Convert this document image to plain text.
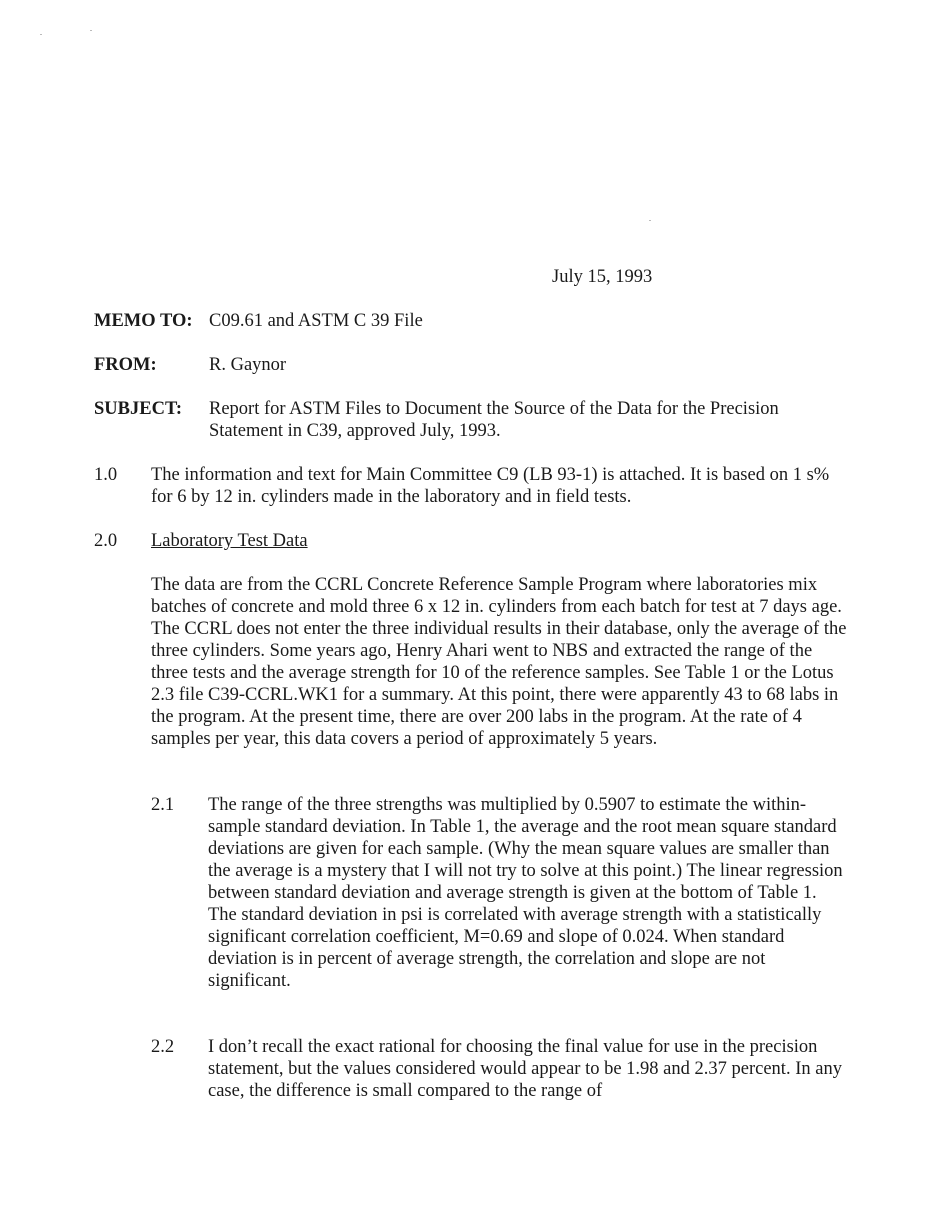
July 15, 1993
MEMO TO: C09.61 and ASTM C 39 File
FROM:	R. Gaynor
SUBJECT: Report for ASTM Files to Document the Source of the Data for the Precision Statement in C39, approved July, 1993.
1.0 The information and text for Main Committee C9 (LB 93-1) is attached. It is based on 1 s% for 6 by 12 in. cylinders made in the laboratory and in field tests.

2.0 Laboratory Test Data

The data are from the CCRL Concrete Reference Sample Program where laboratories mix batches of concrete and mold three 6 x 12 in. cylinders from each batch for test at 7 days age. The CCRL does not enter the three individual results in their database, only the average of the three cylinders. Some years ago, Henry Ahari went to NBS and extracted the range of the three tests and the average strength for 10 of the reference samples. See Table 1 or the Lotus 2.3 file C39-CCRL.WK1 for a summary. At this point, there were apparently 43 to 68 labs in the program. At the present time, there are over 200 labs in the program. At the rate of 4 samples per year, this data covers a period of approximately 5 years.

2.1 The range of the three strengths was multiplied by 0.5907 to estimate the within-sample standard deviation. In Table 1, the average and the root mean square standard deviations are given for each sample. (Why the mean square values are smaller than the average is a mystery that I will not try to solve at this point.) The linear regression between standard deviation and average strength is given at the bottom of Table 1. The standard deviation in psi is correlated with average strength with a statistically significant correlation coefficient, M=0.69 and slope of 0.024. When standard deviation is in percent of average strength, the correlation and slope are not significant.

2.2 I don’t recall the exact rational for choosing the final value for use in the precision statement, but the values considered would appear to be 1.98 and 2.37 percent. In any case, the difference is small compared to the range of
